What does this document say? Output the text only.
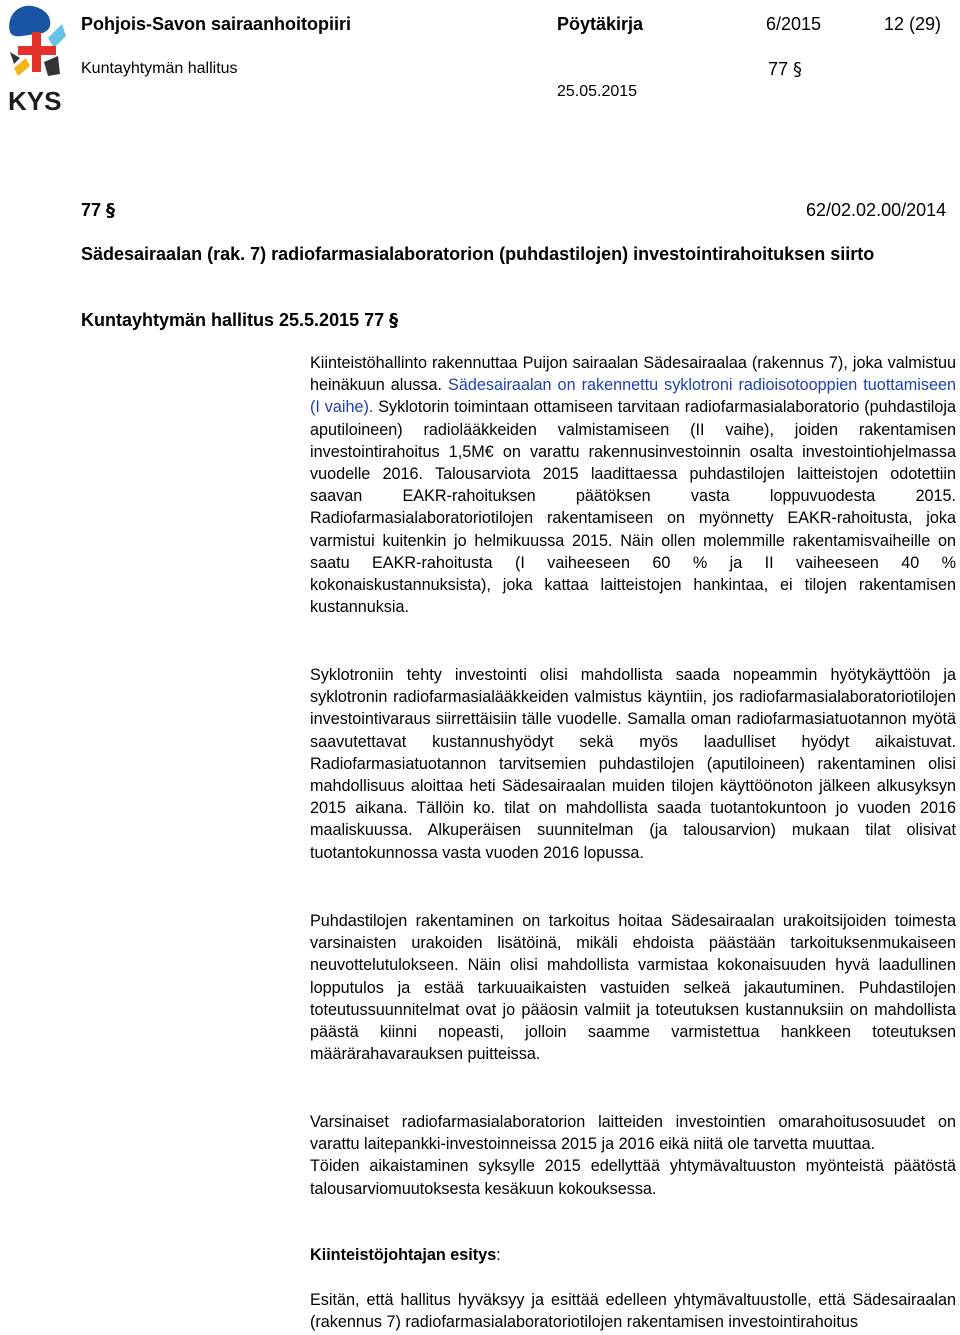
KYS
Pohjois-Savon sairaanhoitopiiri	Pöytäkirja	6/2015	12 (29)
Kuntayhtymän hallitus	77 §
25.05.2015
77 §	62/02.02.00/2014
Sädesairaalan (rak. 7) radiofarmasialaboratorion (puhdastilojen) investointirahoituksen siirto
Kuntayhtymän hallitus 25.5.2015 77 §

Kiinteistöhallinto rakennuttaa Puijon sairaalan Sädesairaalaa (rakennus 7), joka valmistuu heinäkuun alussa. Sädesairaalan on rakennettu syklotroni radioisotooppien tuottamiseen (I vaihe). Syklotorin toimintaan ottamiseen tarvitaan radiofarmasialaboratorio (puhdastiloja aputiloineen) radiolääkkeiden valmistamiseen (II vaihe), joiden rakentamisen investointirahoitus 1,5M€ on varattu rakennusinvestoinnin osalta investointiohjelmassa vuodelle 2016. Talousarviota 2015 laadittaessa puhdastilojen laitteistojen odotettiin saavan EAKR-rahoituksen päätöksen vasta loppuvuodesta 2015. Radiofarmasialaboratoriotilojen rakentamiseen on myönnetty EAKR-rahoitusta, joka varmistui kuitenkin jo helmikuussa 2015. Näin ollen molemmille rakentamisvaiheille on saatu EAKR-rahoitusta (I vaiheeseen 60 % ja II vaiheeseen 40 % kokonaiskustannuksista), joka kattaa laitteistojen hankintaa, ei tilojen rakentamisen kustannuksia.

Syklotroniin tehty investointi olisi mahdollista saada nopeammin hyötykäyttöön ja syklotronin radiofarmasialääkkeiden valmistus käyntiin, jos radiofarmasialaboratoriotilojen investointivaraus siirrettäisiin tälle vuodelle. Samalla oman radiofarmasiatuotannon myötä saavutettavat kustannushyödyt sekä myös laadulliset hyödyt aikaistuvat. Radiofarmasiatuotannon tarvitsemien puhdastilojen (aputiloineen) rakentaminen olisi mahdollisuus aloittaa heti Sädesairaalan muiden tilojen käyttöönoton jälkeen alkusyksyn 2015 aikana. Tällöin ko. tilat on mahdollista saada tuotantokuntoon jo vuoden 2016 maaliskuussa. Alkuperäisen suunnitelman (ja talousarvion) mukaan tilat olisivat tuotantokunnossa vasta vuoden 2016 lopussa.

Puhdastilojen rakentaminen on tarkoitus hoitaa Sädesairaalan urakoitsijoiden toimesta varsinaisten urakoiden lisätöinä, mikäli ehdoista päästään tarkoituksenmukaiseen neuvottelutulokseen. Näin olisi mahdollista varmistaa kokonaisuuden hyvä laadullinen lopputulos ja estää tarkuuaikaisten vastuiden selkeä jakautuminen. Puhdastilojen toteutussuunnitelmat ovat jo pääosin valmiit ja toteutuksen kustannuksiin on mahdollista päästä kiinni nopeasti, jolloin saamme varmistettua hankkeen toteutuksen määrärahavarauksen puitteissa.

Varsinaiset radiofarmasialaboratorion laitteiden investointien omarahoitusosuudet on varattu laitepankki-investoinneissa 2015 ja 2016 eikä niitä ole tarvetta muuttaa.

Töiden aikaistaminen syksylle 2015 edellyttää yhtymävaltuuston myönteistä päätöstä talousarviomuutoksesta kesäkuun kokouksessa.

Kiinteistöjohtajan esitys:

Esitän, että hallitus hyväksyy ja esittää edelleen yhtymävaltuustolle, että Sädesairaalan (rakennus 7) radiofarmasialaboratoriotilojen rakentamisen investointirahoitus
